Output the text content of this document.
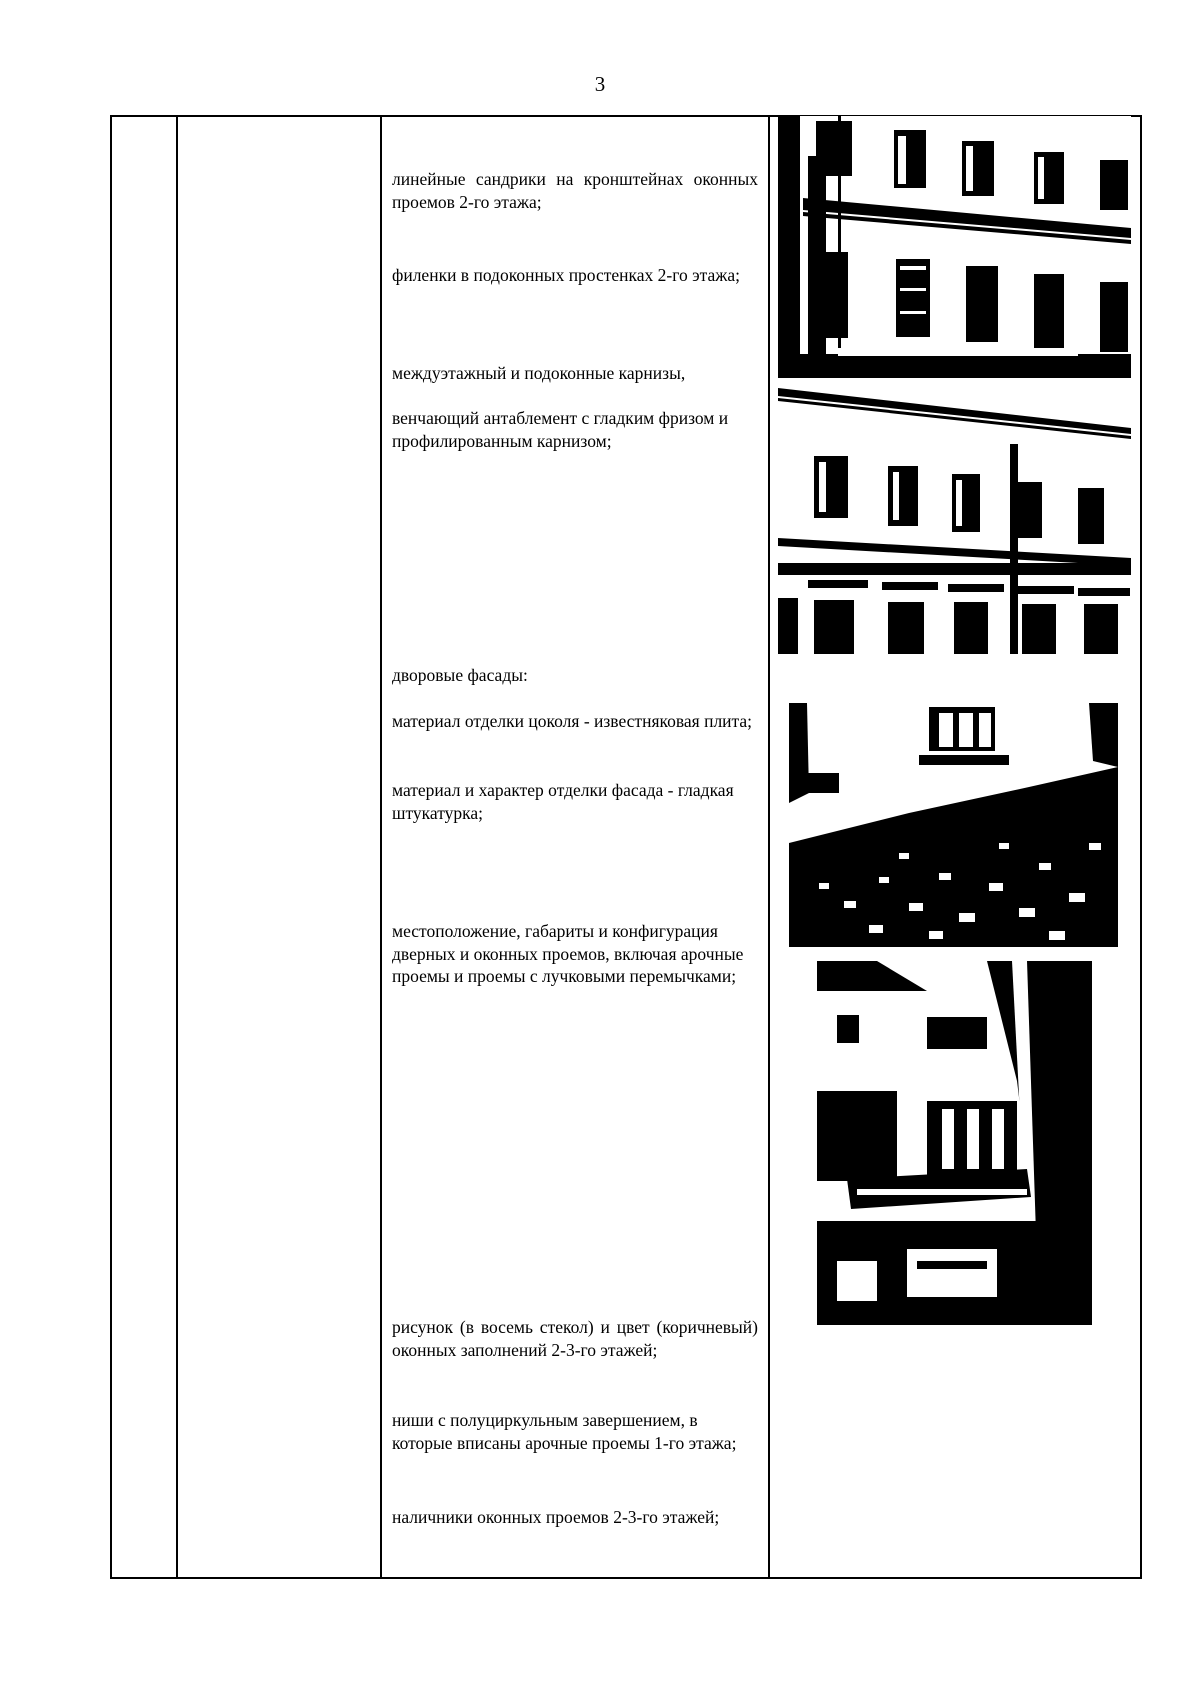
3

линейные сандрики на кронштейнах оконных проемов 2-го этажа;

филенки в подоконных простенках 2-го этажа;

междуэтажный и подоконные карнизы,

венчающий антаблемент с гладким фризом и профилированным карнизом;

дворовые фасады:

материал отделки цоколя - известняковая плита;

материал и характер отделки фасада - гладкая штукатурка;

местоположение, габариты и конфигурация дверных и оконных проемов, включая арочные проемы и проемы с лучковыми перемычками;

рисунок (в восемь стекол) и цвет (коричневый) оконных заполнений 2-3-го этажей;

ниши с полуциркульным завершением, в которые вписаны арочные проемы 1-го этажа;

наличники оконных проемов 2-3-го этажей;
